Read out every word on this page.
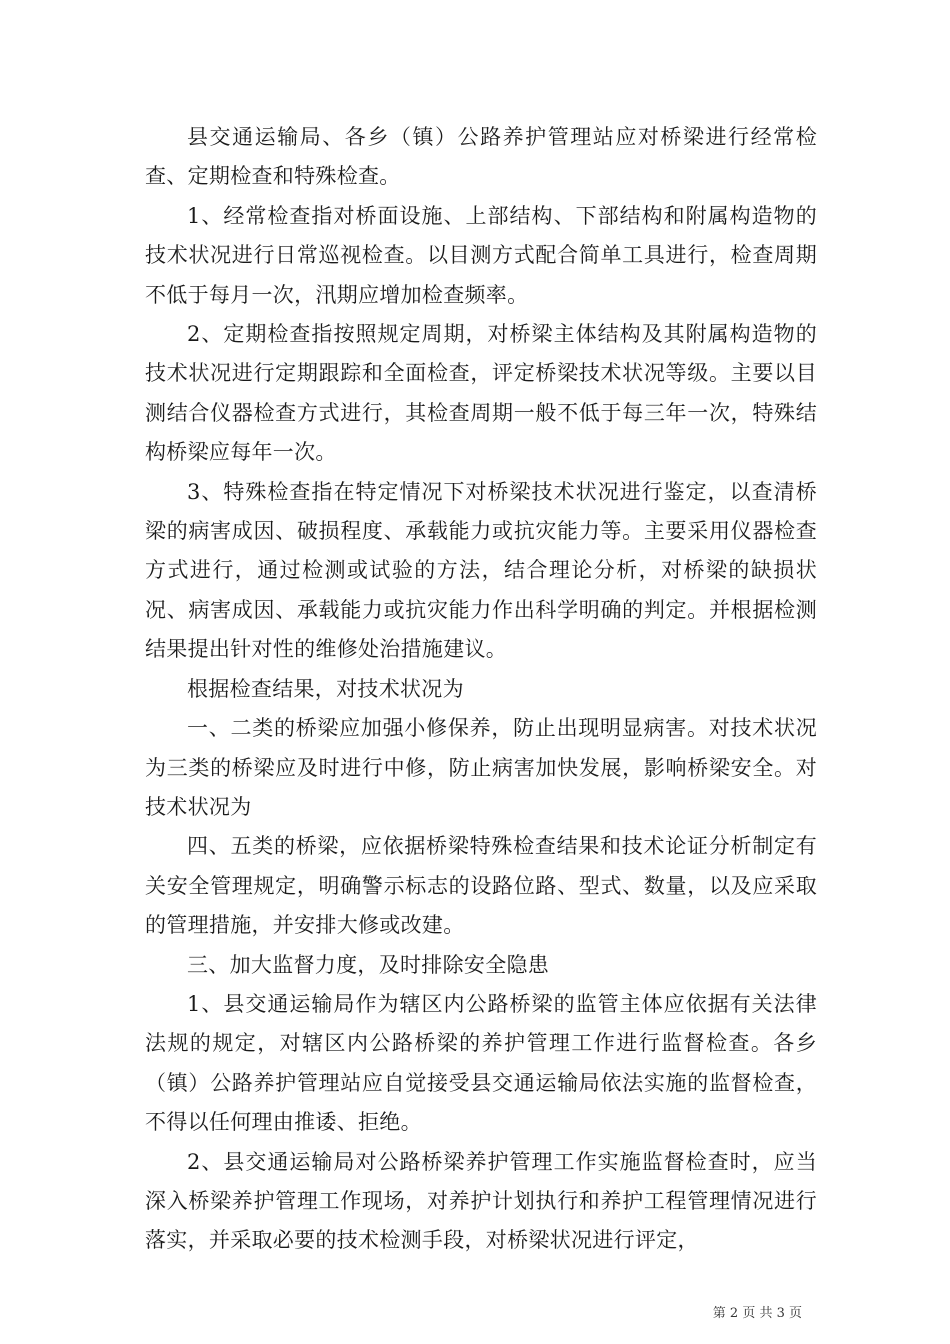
县交通运输局、各乡（镇）公路养护管理站应对桥梁进行经常检查、定期检查和特殊检查。

1、经常检查指对桥面设施、上部结构、下部结构和附属构造物的技术状况进行日常巡视检查。以目测方式配合简单工具进行，检查周期不低于每月一次，汛期应增加检查频率。

2、定期检查指按照规定周期，对桥梁主体结构及其附属构造物的技术状况进行定期跟踪和全面检查，评定桥梁技术状况等级。主要以目测结合仪器检查方式进行，其检查周期一般不低于每三年一次，特殊结构桥梁应每年一次。

3、特殊检查指在特定情况下对桥梁技术状况进行鉴定，以查清桥梁的病害成因、破损程度、承载能力或抗灾能力等。主要采用仪器检查方式进行，通过检测或试验的方法，结合理论分析，对桥梁的缺损状况、病害成因、承载能力或抗灾能力作出科学明确的判定。并根据检测结果提出针对性的维修处治措施建议。

根据检查结果，对技术状况为

一、二类的桥梁应加强小修保养，防止出现明显病害。对技术状况为三类的桥梁应及时进行中修，防止病害加快发展，影响桥梁安全。对技术状况为

四、五类的桥梁，应依据桥梁特殊检查结果和技术论证分析制定有关安全管理规定，明确警示标志的设路位路、型式、数量，以及应采取的管理措施，并安排大修或改建。

三、加大监督力度，及时排除安全隐患

1、县交通运输局作为辖区内公路桥梁的监管主体应依据有关法律法规的规定，对辖区内公路桥梁的养护管理工作进行监督检查。各乡（镇）公路养护管理站应自觉接受县交通运输局依法实施的监督检查，不得以任何理由推诿、拒绝。

2、县交通运输局对公路桥梁养护管理工作实施监督检查时，应当深入桥梁养护管理工作现场，对养护计划执行和养护工程管理情况进行落实，并采取必要的技术检测手段，对桥梁状况进行评定，

第 2 页 共 3 页
